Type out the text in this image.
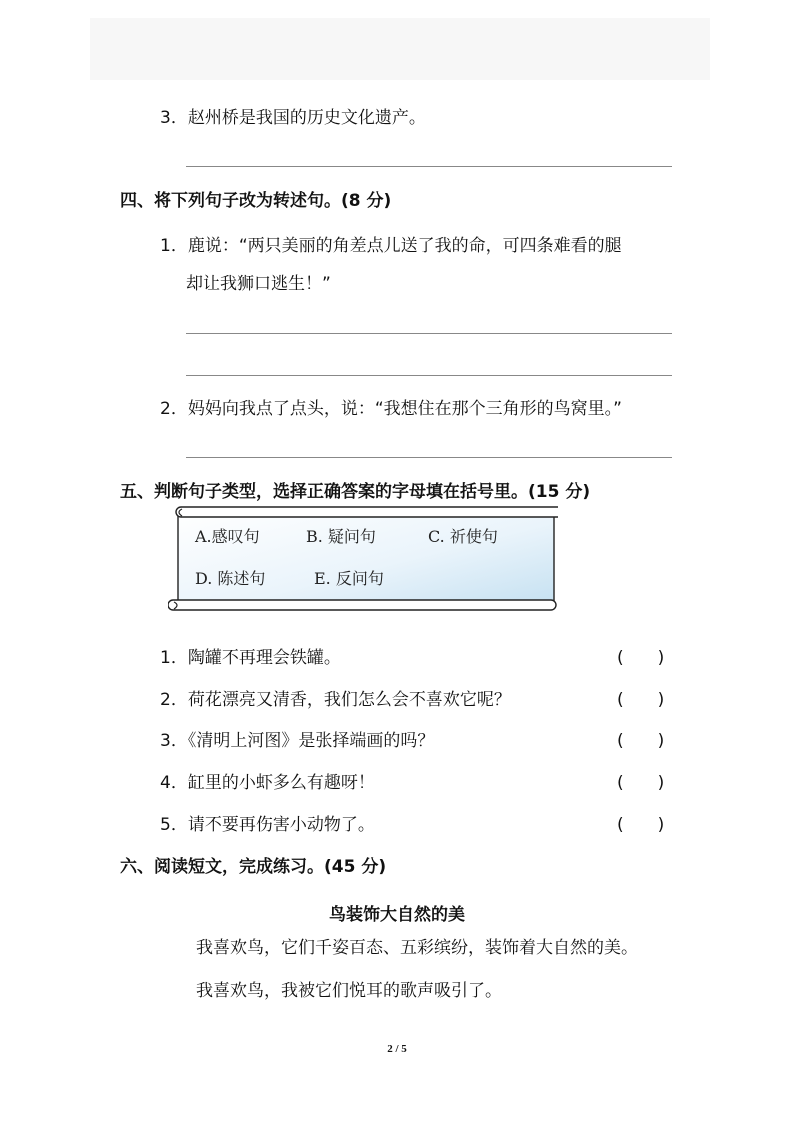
3．赵州桥是我国的历史文化遗产。
四、将下列句子改为转述句。(8 分)
1．鹿说：“两只美丽的角差点儿送了我的命，可四条难看的腿
却让我狮口逃生！”
2．妈妈向我点了点头，说：“我想住在那个三角形的鸟窝里。”
五、判断句子类型，选择正确答案的字母填在括号里。(15 分)
A.感叹句	B. 疑问句	C. 祈使句
D. 陈述句	E. 反问句
1．陶罐不再理会铁罐。	(　　)
2．荷花漂亮又清香，我们怎么会不喜欢它呢？	(　　)
3．《清明上河图》是张择端画的吗？	(　　)
4．缸里的小虾多么有趣呀！	(　　)
5．请不要再伤害小动物了。	(　　)
六、阅读短文，完成练习。(45 分)
鸟装饰大自然的美
我喜欢鸟，它们千姿百态、五彩缤纷，装饰着大自然的美。
我喜欢鸟，我被它们悦耳的歌声吸引了。
2 / 5
